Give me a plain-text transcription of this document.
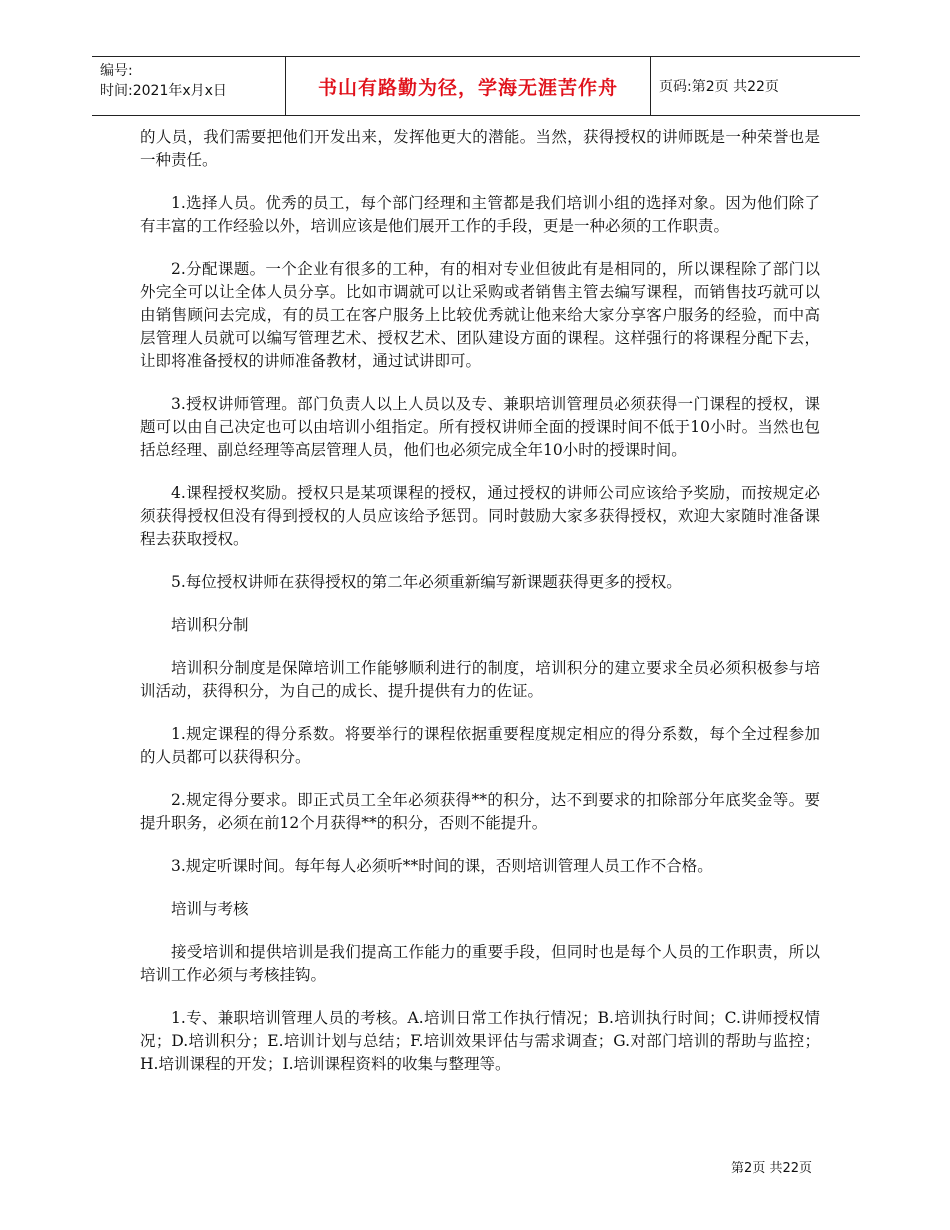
编号:
时间:2021年x月x日	书山有路勤为径，学海无涯苦作舟	页码:第2页 共22页

的人员，我们需要把他们开发出来，发挥他更大的潜能。当然，获得授权的讲师既是一种荣誉也是一种责任。

1.选择人员。优秀的员工，每个部门经理和主管都是我们培训小组的选择对象。因为他们除了有丰富的工作经验以外，培训应该是他们展开工作的手段，更是一种必须的工作职责。

2.分配课题。一个企业有很多的工种，有的相对专业但彼此有是相同的，所以课程除了部门以外完全可以让全体人员分享。比如市调就可以让采购或者销售主管去编写课程，而销售技巧就可以由销售顾问去完成，有的员工在客户服务上比较优秀就让他来给大家分享客户服务的经验，而中高层管理人员就可以编写管理艺术、授权艺术、团队建设方面的课程。这样强行的将课程分配下去，让即将准备授权的讲师准备教材，通过试讲即可。

3.授权讲师管理。部门负责人以上人员以及专、兼职培训管理员必须获得一门课程的授权，课题可以由自己决定也可以由培训小组指定。所有授权讲师全面的授课时间不低于10小时。当然也包括总经理、副总经理等高层管理人员，他们也必须完成全年10小时的授课时间。

4.课程授权奖励。授权只是某项课程的授权，通过授权的讲师公司应该给予奖励，而按规定必须获得授权但没有得到授权的人员应该给予惩罚。同时鼓励大家多获得授权，欢迎大家随时准备课程去获取授权。

5.每位授权讲师在获得授权的第二年必须重新编写新课题获得更多的授权。

培训积分制

培训积分制度是保障培训工作能够顺利进行的制度，培训积分的建立要求全员必须积极参与培训活动，获得积分，为自己的成长、提升提供有力的佐证。

1.规定课程的得分系数。将要举行的课程依据重要程度规定相应的得分系数，每个全过程参加的人员都可以获得积分。

2.规定得分要求。即正式员工全年必须获得**的积分，达不到要求的扣除部分年底奖金等。要提升职务，必须在前12个月获得**的积分，否则不能提升。

3.规定听课时间。每年每人必须听**时间的课，否则培训管理人员工作不合格。

培训与考核

接受培训和提供培训是我们提高工作能力的重要手段，但同时也是每个人员的工作职责，所以培训工作必须与考核挂钩。

1.专、兼职培训管理人员的考核。A.培训日常工作执行情况；B.培训执行时间；C.讲师授权情况；D.培训积分；E.培训计划与总结；F.培训效果评估与需求调查；G.对部门培训的帮助与监控；H.培训课程的开发；I.培训课程资料的收集与整理等。

第2页 共22页
